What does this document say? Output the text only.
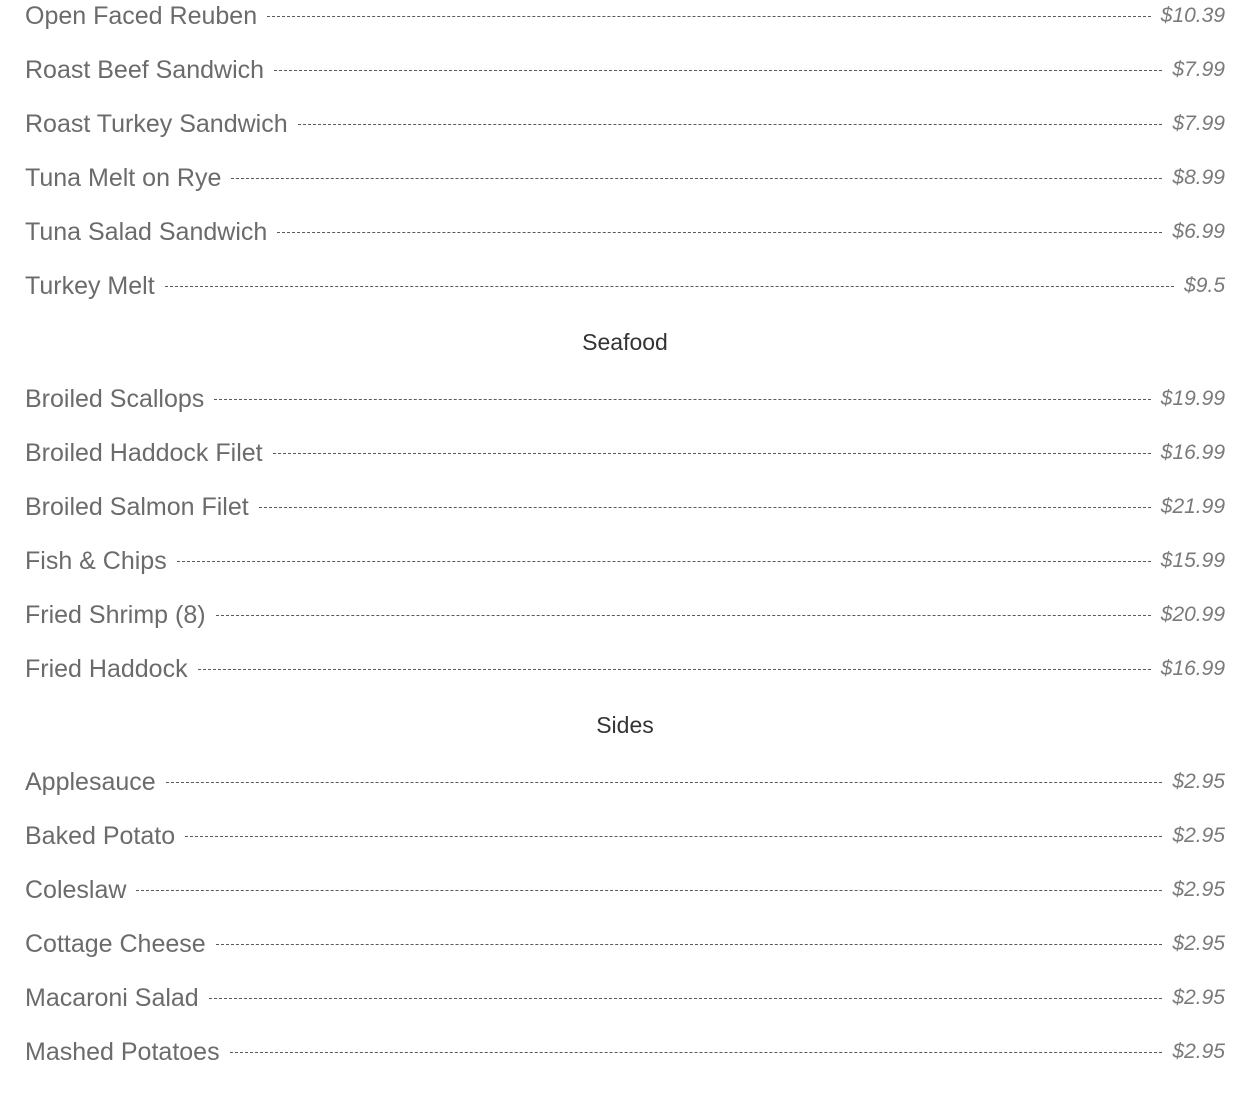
Open Faced Reuben	$10.39
Roast Beef Sandwich	$7.99
Roast Turkey Sandwich	$7.99
Tuna Melt on Rye	$8.99
Tuna Salad Sandwich	$6.99
Turkey Melt	$9.5
Seafood
Broiled Scallops	$19.99
Broiled Haddock Filet	$16.99
Broiled Salmon Filet	$21.99
Fish & Chips	$15.99
Fried Shrimp (8)	$20.99
Fried Haddock	$16.99
Sides
Applesauce	$2.95
Baked Potato	$2.95
Coleslaw	$2.95
Cottage Cheese	$2.95
Macaroni Salad	$2.95
Mashed Potatoes	$2.95
